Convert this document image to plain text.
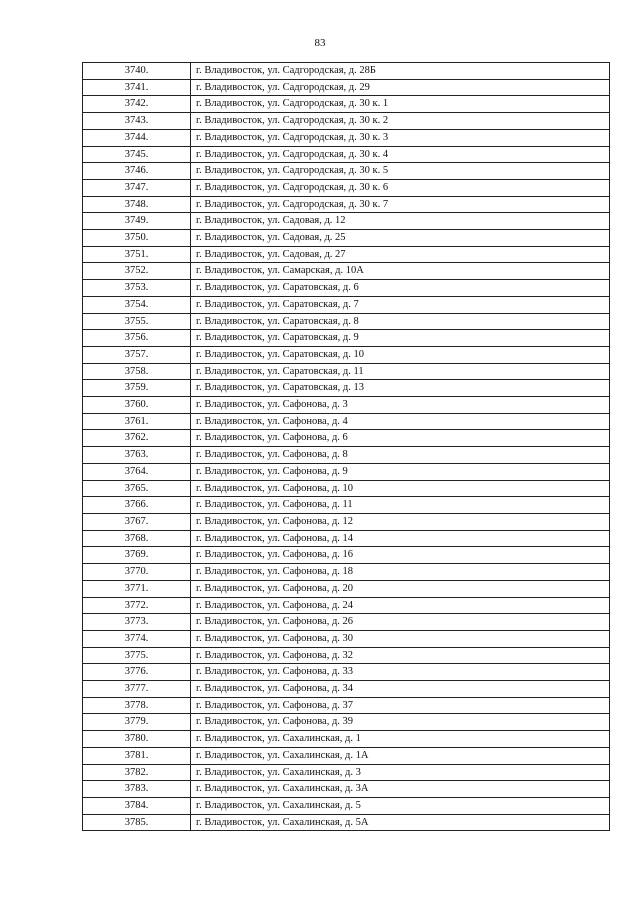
83
3740.	г. Владивосток, ул. Садгородская, д. 28Б
3741.	г. Владивосток, ул. Садгородская, д. 29
3742.	г. Владивосток, ул. Садгородская, д. 30 к. 1
3743.	г. Владивосток, ул. Садгородская, д. 30 к. 2
3744.	г. Владивосток, ул. Садгородская, д. 30 к. 3
3745.	г. Владивосток, ул. Садгородская, д. 30 к. 4
3746.	г. Владивосток, ул. Садгородская, д. 30 к. 5
3747.	г. Владивосток, ул. Садгородская, д. 30 к. 6
3748.	г. Владивосток, ул. Садгородская, д. 30 к. 7
3749.	г. Владивосток, ул. Садовая, д. 12
3750.	г. Владивосток, ул. Садовая, д. 25
3751.	г. Владивосток, ул. Садовая, д. 27
3752.	г. Владивосток, ул. Самарская, д. 10А
3753.	г. Владивосток, ул. Саратовская, д. 6
3754.	г. Владивосток, ул. Саратовская, д. 7
3755.	г. Владивосток, ул. Саратовская, д. 8
3756.	г. Владивосток, ул. Саратовская, д. 9
3757.	г. Владивосток, ул. Саратовская, д. 10
3758.	г. Владивосток, ул. Саратовская, д. 11
3759.	г. Владивосток, ул. Саратовская, д. 13
3760.	г. Владивосток, ул. Сафонова, д. 3
3761.	г. Владивосток, ул. Сафонова, д. 4
3762.	г. Владивосток, ул. Сафонова, д. 6
3763.	г. Владивосток, ул. Сафонова, д. 8
3764.	г. Владивосток, ул. Сафонова, д. 9
3765.	г. Владивосток, ул. Сафонова, д. 10
3766.	г. Владивосток, ул. Сафонова, д. 11
3767.	г. Владивосток, ул. Сафонова, д. 12
3768.	г. Владивосток, ул. Сафонова, д. 14
3769.	г. Владивосток, ул. Сафонова, д. 16
3770.	г. Владивосток, ул. Сафонова, д. 18
3771.	г. Владивосток, ул. Сафонова, д. 20
3772.	г. Владивосток, ул. Сафонова, д. 24
3773.	г. Владивосток, ул. Сафонова, д. 26
3774.	г. Владивосток, ул. Сафонова, д. 30
3775.	г. Владивосток, ул. Сафонова, д. 32
3776.	г. Владивосток, ул. Сафонова, д. 33
3777.	г. Владивосток, ул. Сафонова, д. 34
3778.	г. Владивосток, ул. Сафонова, д. 37
3779.	г. Владивосток, ул. Сафонова, д. 39
3780.	г. Владивосток, ул. Сахалинская, д. 1
3781.	г. Владивосток, ул. Сахалинская, д. 1А
3782.	г. Владивосток, ул. Сахалинская, д. 3
3783.	г. Владивосток, ул. Сахалинская, д. 3А
3784.	г. Владивосток, ул. Сахалинская, д. 5
3785.	г. Владивосток, ул. Сахалинская, д. 5А
